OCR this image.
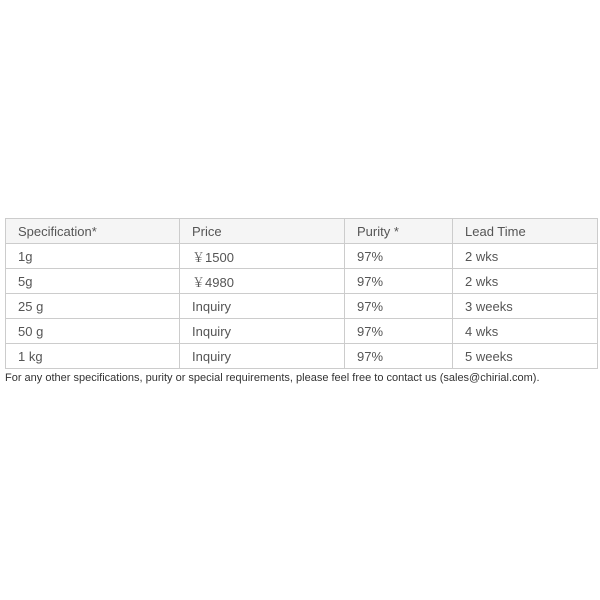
Specification*	Price	Purity *	Lead Time
1g	￥1500	97%	2 wks
5g	￥4980	97%	2 wks
25 g	Inquiry	97%	3 weeks
50 g	Inquiry	97%	4 wks
1 kg	Inquiry	97%	5 weeks
For any other specifications, purity or special requirements, please feel free to contact us (sales@chirial.com).
